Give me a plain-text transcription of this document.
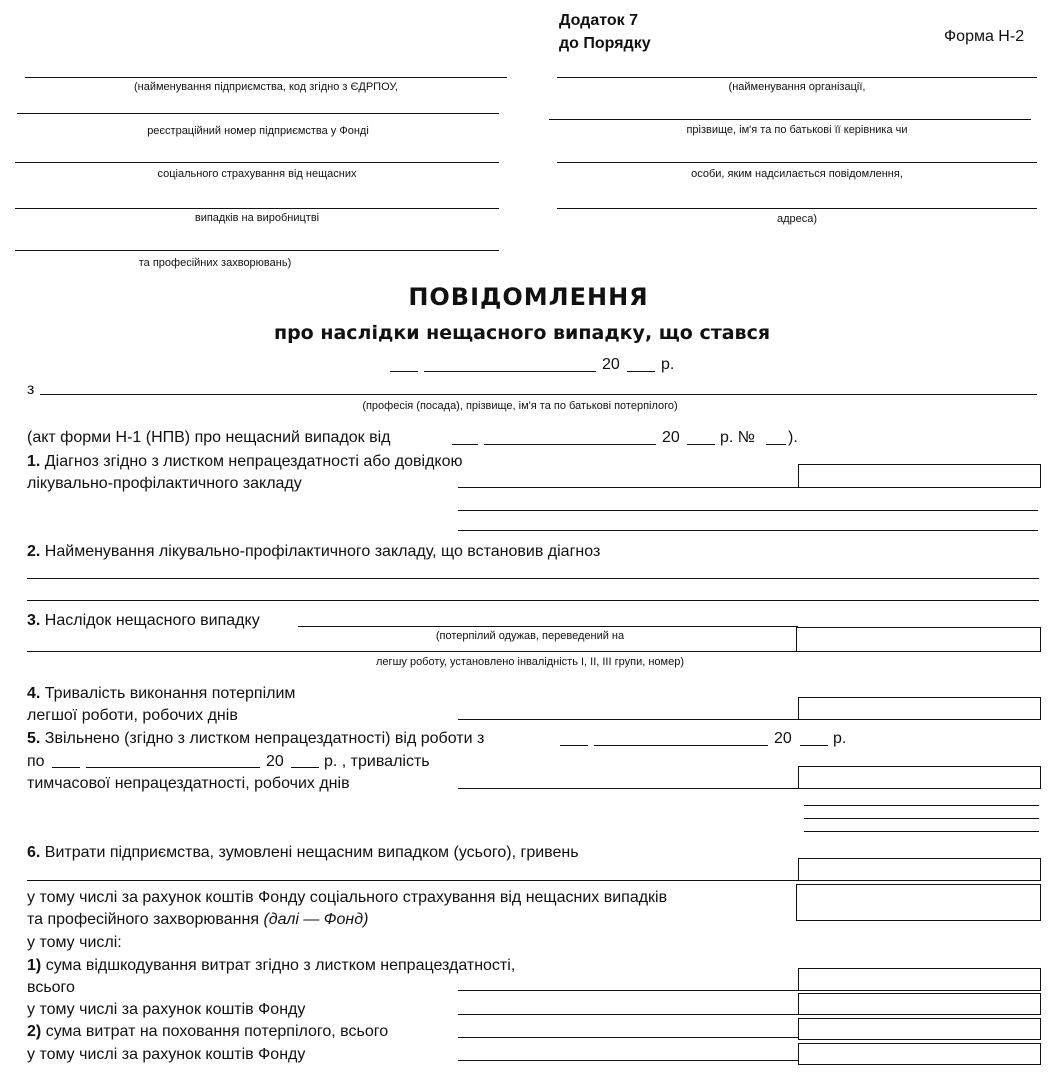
Додаток 7
до Порядку	Форма Н-2
(найменування підприємства, код згідно з ЄДРПОУ,
реєстраційний номер підприємства у Фонді
соціального страхування від нещасних
випадків на виробництві
та професійних захворювань)
(найменування організації,
прізвище, ім'я та по батькові її керівника чи
особи, яким надсилається повідомлення,
адреса)
ПОВІДОМЛЕННЯ
про наслідки нещасного випадку, що стався
20	р.
з
(професія (посада), прізвище, ім'я та по батькові потерпілого)
(акт форми Н-1 (НПВ) про нещасний випадок від	20	р. № ).
1. Діагноз згідно з листком непрацездатності або довідкою
лікувально-профілактичного закладу
2. Найменування лікувально-профілактичного закладу, що встановив діагноз
3. Наслідок нещасного випадку
(потерпілий одужав, переведений на
легшу роботу, установлено інвалідність І, ІІ, ІІІ групи, номер)
4. Тривалість виконання потерпілим
легшої роботи, робочих днів
5. Звільнено (згідно з листком непрацездатності) від роботи з	20	р.
по	20	р. , тривалість
тимчасової непрацездатності, робочих днів
6. Витрати підприємства, зумовлені нещасним випадком (усього), гривень
у тому числі за рахунок коштів Фонду соціального страхування від нещасних випадків
та професійного захворювання (далі — Фонд)
у тому числі:
1) сума відшкодування витрат згідно з листком непрацездатності,
всього
у тому числі за рахунок коштів Фонду
2) сума витрат на поховання потерпілого, всього
у тому числі за рахунок коштів Фонду
